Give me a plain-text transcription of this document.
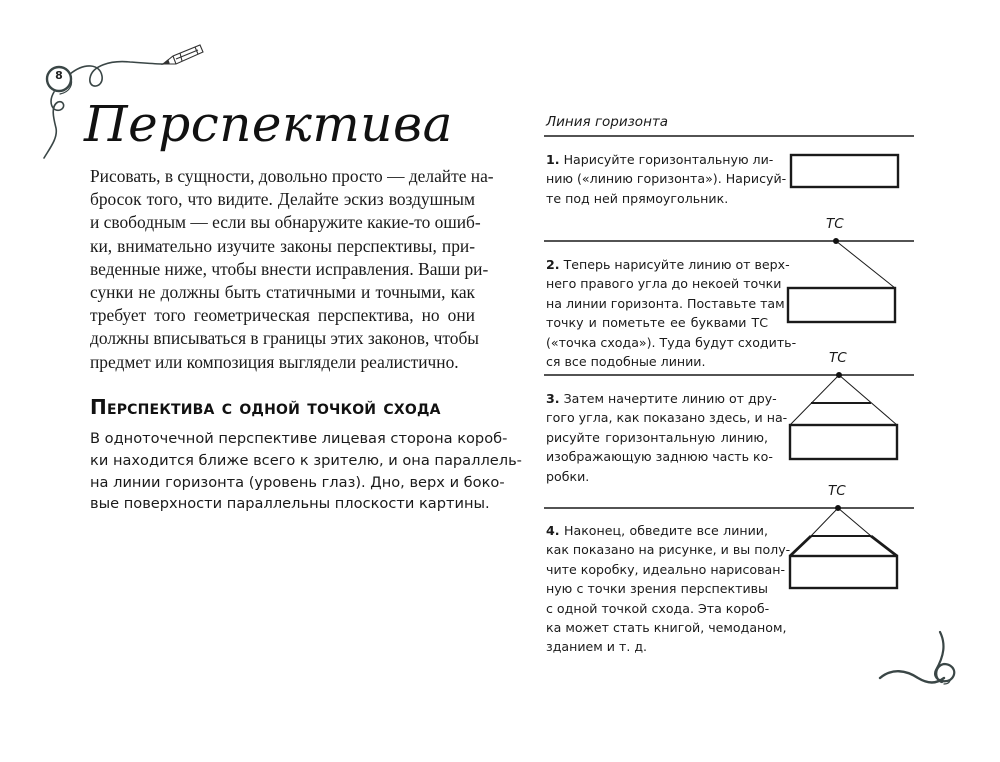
8
Перспектива
Рисовать, в сущности, довольно просто — делайте на-
бросок того, что видите. Делайте эскиз воздушным
и свободным — если вы обнаружите какие-то ошиб-
ки, внимательно изучите законы перспективы, при-
веденные ниже, чтобы внести исправления. Ваши ри-
сунки не должны быть статичными и точными, как
требует того геометрическая перспектива, но они
должны вписываться в границы этих законов, чтобы
предмет или композиция выглядели реалистично.
Перспектива с одной точкой схода
В одноточечной перспективе лицевая сторона короб-
ки находится ближе всего к зрителю, и она параллель-
на линии горизонта (уровень глаз). Дно, верх и боко-
вые поверхности параллельны плоскости картины.
Линия горизонта
1. Нарисуйте горизонтальную ли-
нию («линию горизонта»). Нарисуй-
те под ней прямоугольник.
2. Теперь нарисуйте линию от верх-
него правого угла до некоей точки
на линии горизонта. Поставьте там
точку и пометьте ее буквами ТС
(«точка схода»). Туда будут сходить-
ся все подобные линии.
3. Затем начертите линию от дру-
гого угла, как показано здесь, и на-
рисуйте горизонтальную линию,
изображающую заднюю часть ко-
робки.
4. Наконец, обведите все линии,
как показано на рисунке, и вы полу-
чите коробку, идеально нарисован-
ную с точки зрения перспективы
с одной точкой схода. Эта короб-
ка может стать книгой, чемоданом,
зданием и т. д.
ТС
ТС
ТС
